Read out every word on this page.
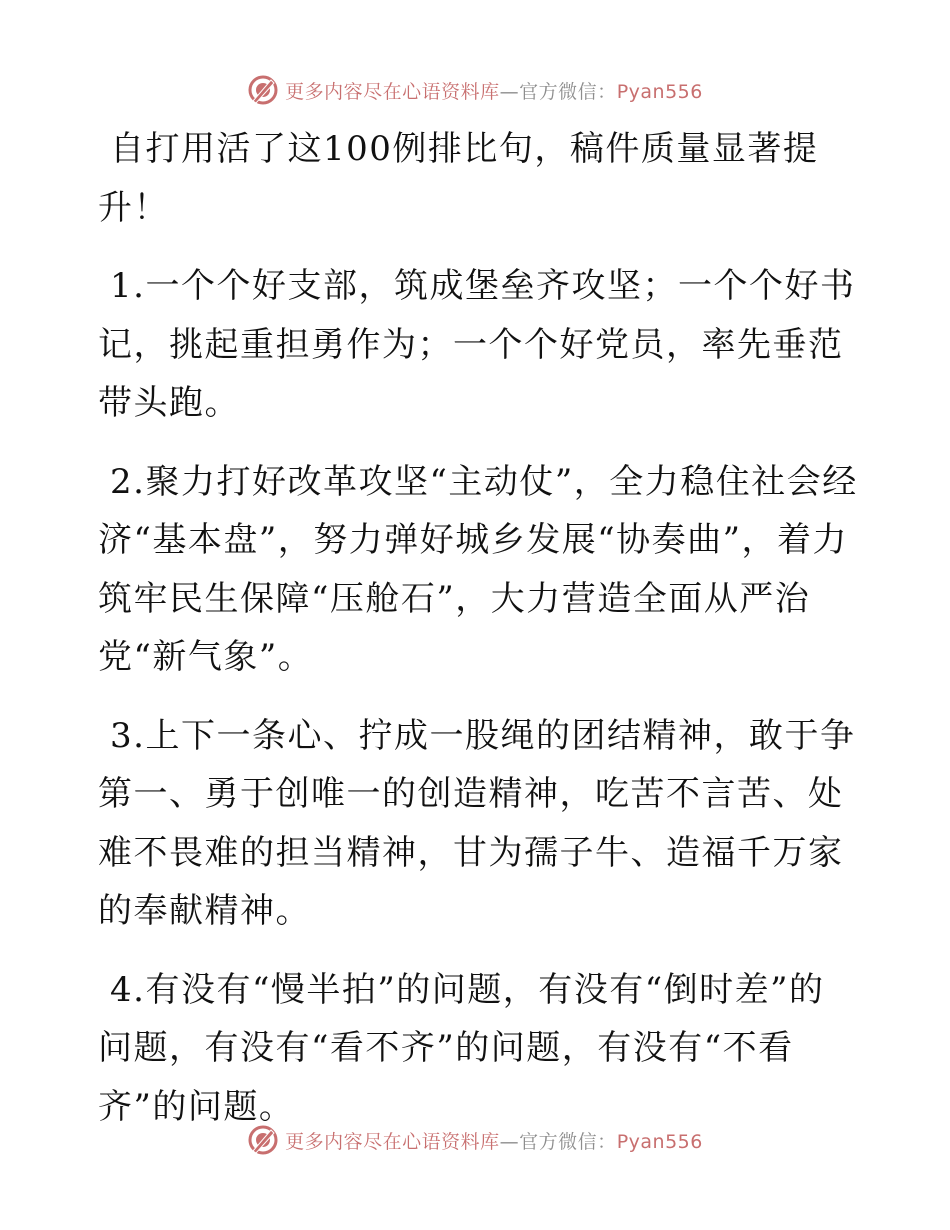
更多内容尽在心语资料库—官方微信：Pyan556

自打用活了这100例排比句，稿件质量显著提升！

1.一个个好支部，筑成堡垒齐攻坚；一个个好书记，挑起重担勇作为；一个个好党员，率先垂范带头跑。

2.聚力打好改革攻坚“主动仗”，全力稳住社会经济“基本盘”，努力弹好城乡发展“协奏曲”，着力筑牢民生保障“压舱石”，大力营造全面从严治党“新气象”。

3.上下一条心、拧成一股绳的团结精神，敢于争第一、勇于创唯一的创造精神，吃苦不言苦、处难不畏难的担当精神，甘为孺子牛、造福千万家的奉献精神。

4.有没有“慢半拍”的问题，有没有“倒时差”的问题，有没有“看不齐”的问题，有没有“不看齐”的问题。

更多内容尽在心语资料库—官方微信：Pyan556
